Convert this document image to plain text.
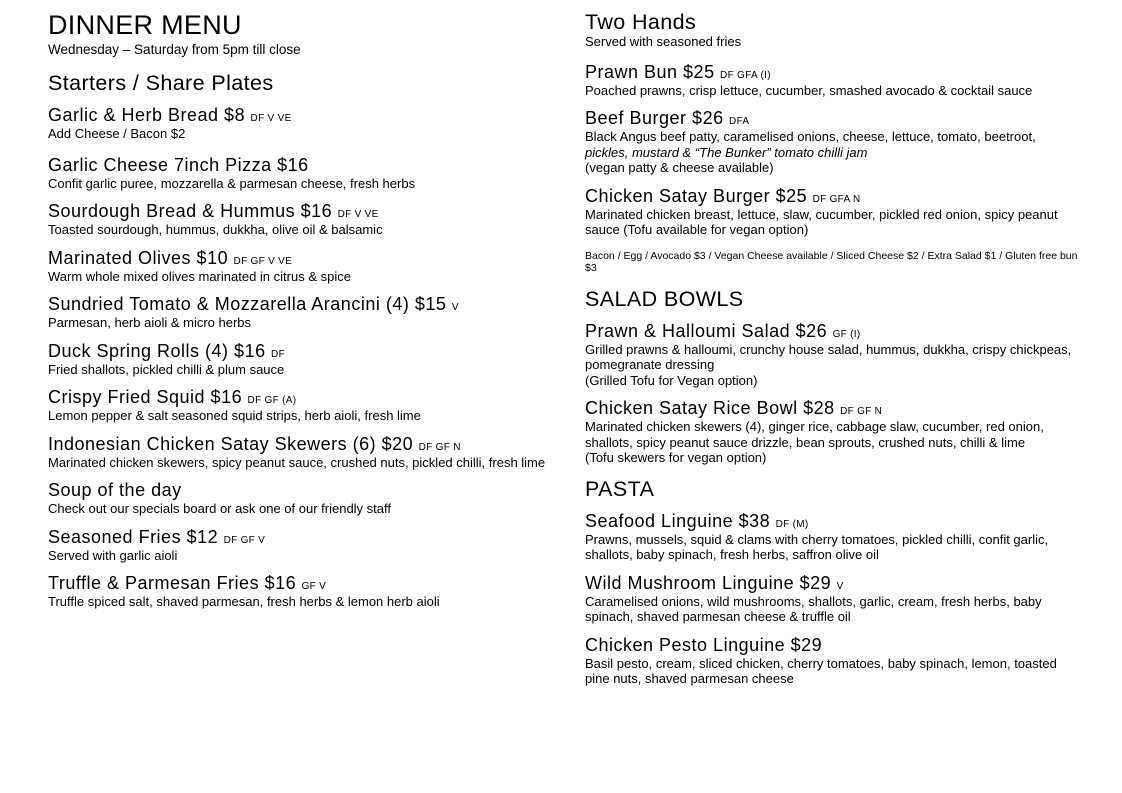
DINNER MENU
Wednesday – Saturday from 5pm till close
Starters / Share Plates
Garlic & Herb Bread $8 DF V VE
Add Cheese / Bacon $2
Garlic Cheese 7inch Pizza $16
Confit garlic puree, mozzarella & parmesan cheese, fresh herbs
Sourdough Bread & Hummus $16 DF V VE
Toasted sourdough, hummus, dukkha, olive oil & balsamic
Marinated Olives $10 DF GF V VE
Warm whole mixed olives marinated in citrus & spice
Sundried Tomato & Mozzarella Arancini (4) $15 V
Parmesan, herb aioli & micro herbs
Duck Spring Rolls (4) $16 DF
Fried shallots, pickled chilli & plum sauce
Crispy Fried Squid $16 DF GF (A)
Lemon pepper & salt seasoned squid strips, herb aioli, fresh lime
Indonesian Chicken Satay Skewers (6) $20 DF GF N
Marinated chicken skewers, spicy peanut sauce, crushed nuts, pickled chilli, fresh lime
Soup of the day
Check out our specials board or ask one of our friendly staff
Seasoned Fries $12 DF GF V
Served with garlic aioli
Truffle & Parmesan Fries $16 GF V
Truffle spiced salt, shaved parmesan, fresh herbs & lemon herb aioli
Two Hands
Served with seasoned fries
Prawn Bun $25 DF GFA (I)
Poached prawns, crisp lettuce, cucumber, smashed avocado & cocktail sauce
Beef Burger $26 DFA
Black Angus beef patty, caramelised onions, cheese, lettuce, tomato, beetroot,
pickles, mustard & “The Bunker” tomato chilli jam
(vegan patty & cheese available)
Chicken Satay Burger $25 DF GFA N
Marinated chicken breast, lettuce, slaw, cucumber, pickled red onion, spicy peanut sauce (Tofu available for vegan option)
Bacon / Egg / Avocado $3 / Vegan Cheese available / Sliced Cheese $2 / Extra Salad $1 / Gluten free bun $3
SALAD BOWLS
Prawn & Halloumi Salad $26 GF (I)
Grilled prawns & halloumi, crunchy house salad, hummus, dukkha, crispy chickpeas, pomegranate dressing
(Grilled Tofu for Vegan option)
Chicken Satay Rice Bowl $28 DF GF N
Marinated chicken skewers (4), ginger rice, cabbage slaw, cucumber, red onion, shallots, spicy peanut sauce drizzle, bean sprouts, crushed nuts, chilli & lime
(Tofu skewers for vegan option)
PASTA
Seafood Linguine $38 DF (M)
Prawns, mussels, squid & clams with cherry tomatoes, pickled chilli, confit garlic, shallots, baby spinach, fresh herbs, saffron olive oil
Wild Mushroom Linguine $29 V
Caramelised onions, wild mushrooms, shallots, garlic, cream, fresh herbs, baby spinach, shaved parmesan cheese & truffle oil
Chicken Pesto Linguine $29
Basil pesto, cream, sliced chicken, cherry tomatoes, baby spinach, lemon, toasted pine nuts, shaved parmesan cheese
